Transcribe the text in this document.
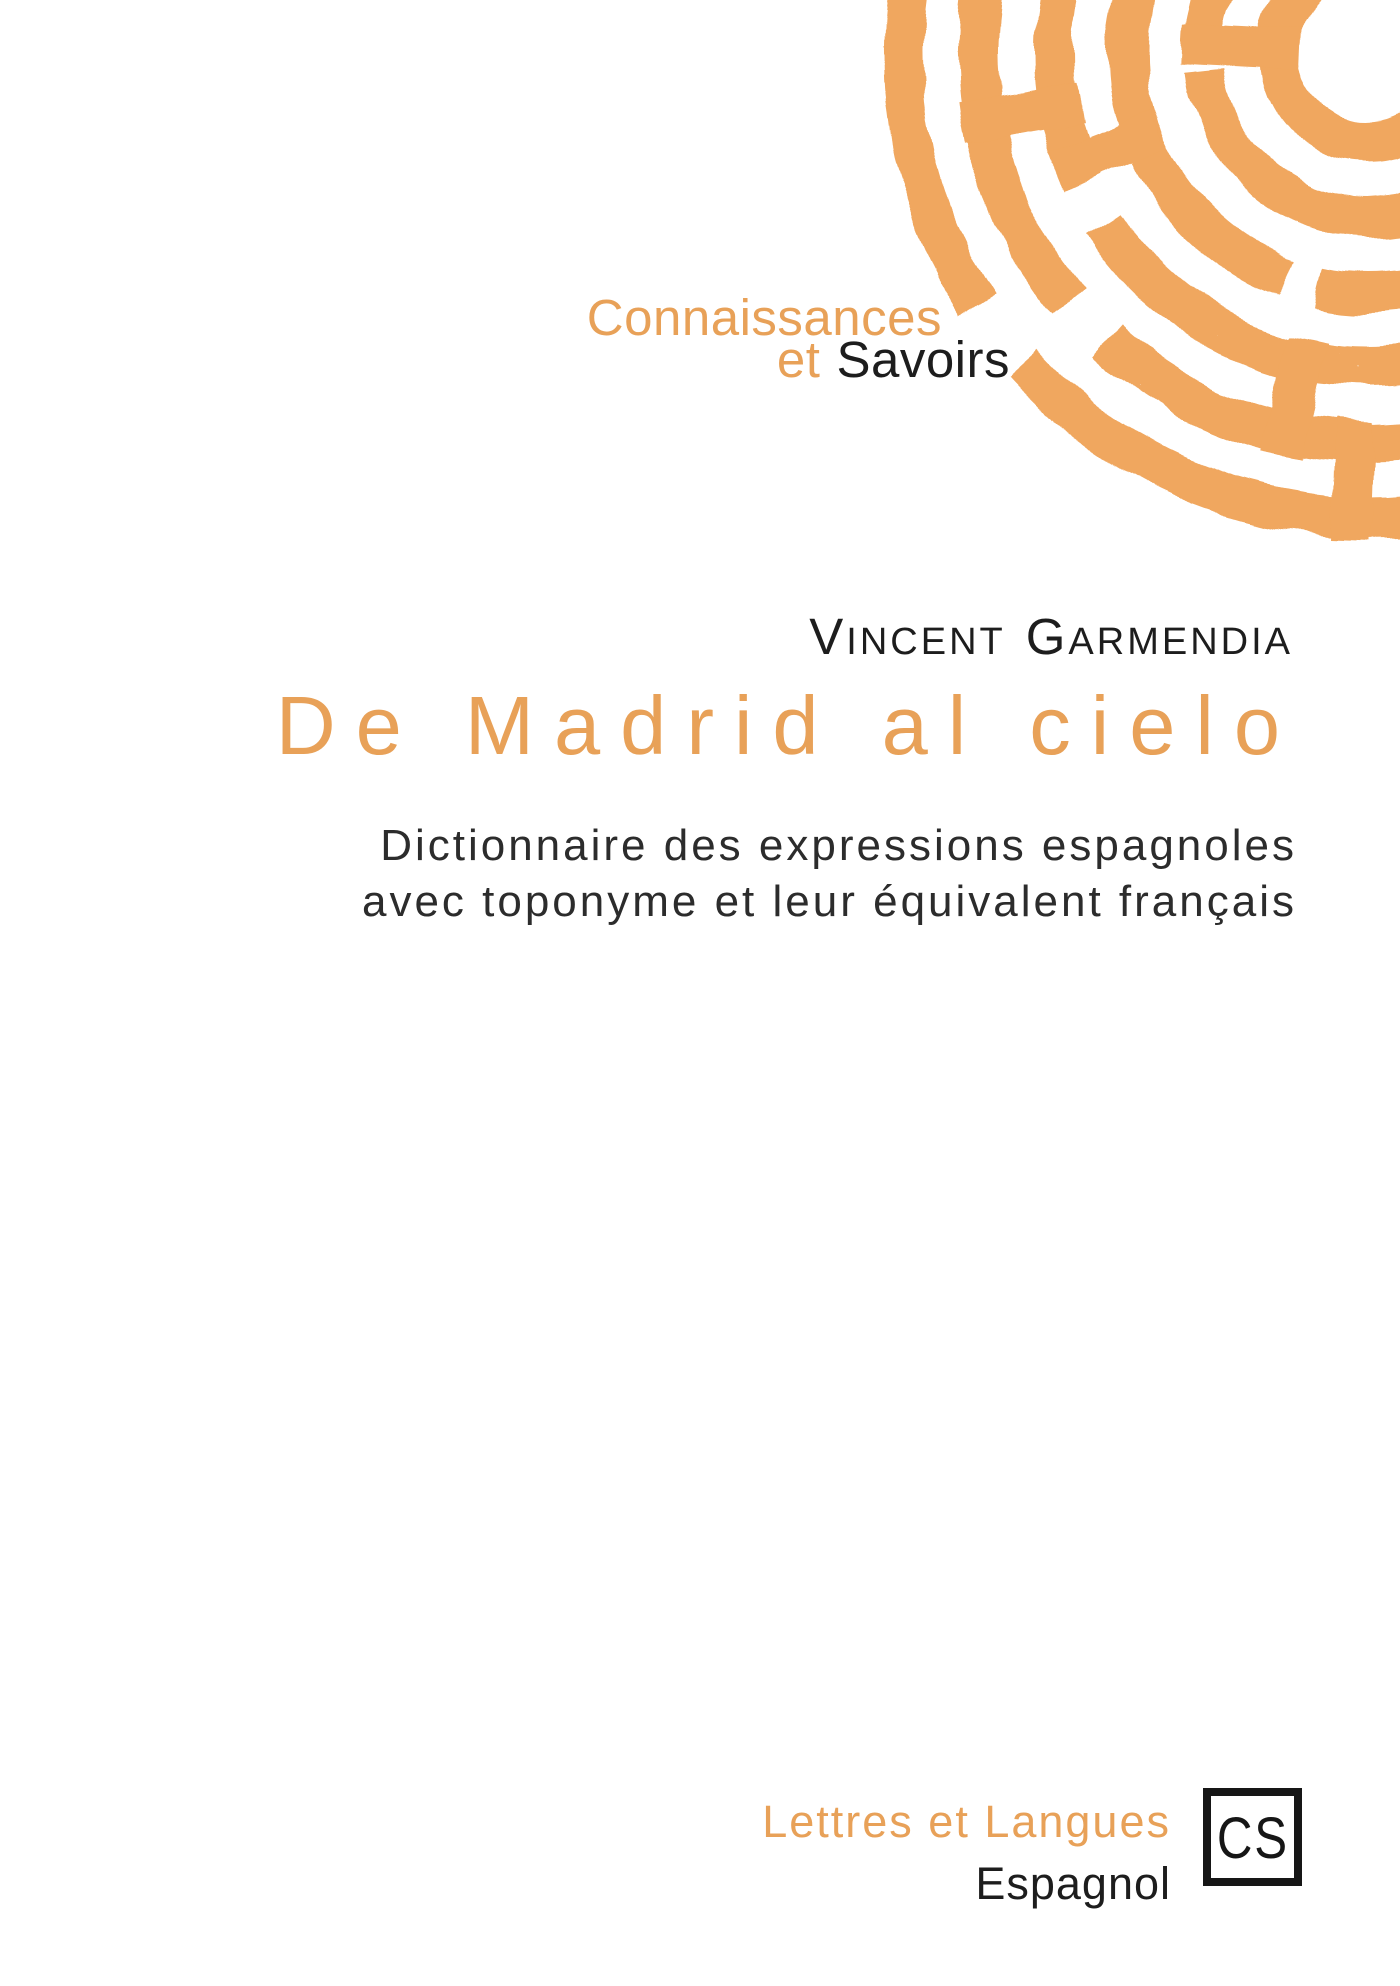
Connaissances
et Savoirs
VINCENT GARMENDIA
De Madrid al cielo
Dictionnaire des expressions espagnoles
avec toponyme et leur équivalent français
Lettres et Langues
Espagnol
CS
